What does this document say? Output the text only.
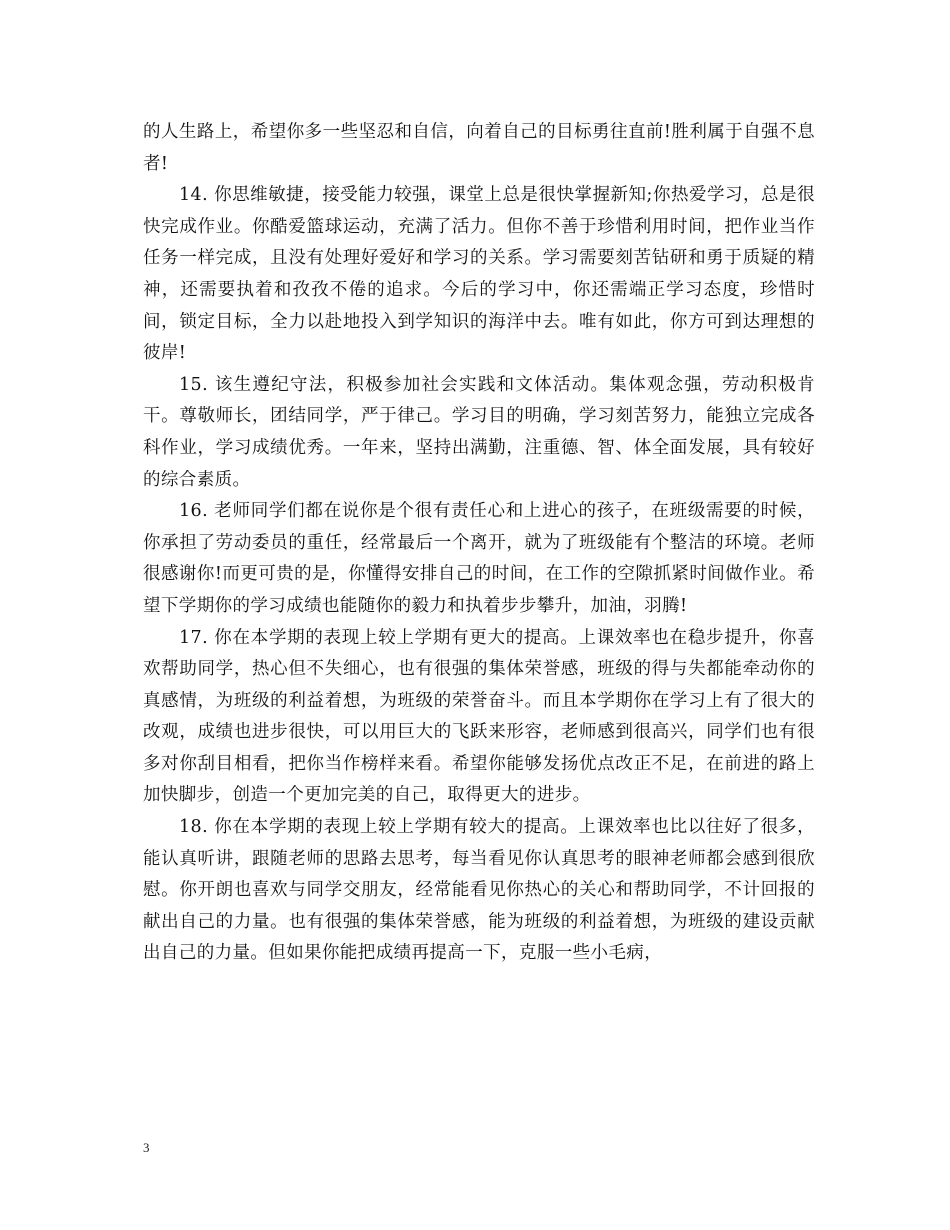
的人生路上，希望你多一些坚忍和自信，向着自己的目标勇往直前!胜利属于自强不息者!

14. 你思维敏捷，接受能力较强，课堂上总是很快掌握新知;你热爱学习，总是很快完成作业。你酷爱篮球运动，充满了活力。但你不善于珍惜利用时间，把作业当作任务一样完成，且没有处理好爱好和学习的关系。学习需要刻苦钻研和勇于质疑的精神，还需要执着和孜孜不倦的追求。今后的学习中，你还需端正学习态度，珍惜时间，锁定目标，全力以赴地投入到学知识的海洋中去。唯有如此，你方可到达理想的彼岸!

15. 该生遵纪守法，积极参加社会实践和文体活动。集体观念强，劳动积极肯干。尊敬师长，团结同学，严于律己。学习目的明确，学习刻苦努力，能独立完成各科作业，学习成绩优秀。一年来，坚持出满勤，注重德、智、体全面发展，具有较好的综合素质。

16. 老师同学们都在说你是个很有责任心和上进心的孩子，在班级需要的时候，你承担了劳动委员的重任，经常最后一个离开，就为了班级能有个整洁的环境。老师很感谢你!而更可贵的是，你懂得安排自己的时间，在工作的空隙抓紧时间做作业。希望下学期你的学习成绩也能随你的毅力和执着步步攀升，加油，羽腾!

17. 你在本学期的表现上较上学期有更大的提高。上课效率也在稳步提升，你喜欢帮助同学，热心但不失细心，也有很强的集体荣誉感，班级的得与失都能牵动你的真感情，为班级的利益着想，为班级的荣誉奋斗。而且本学期你在学习上有了很大的改观，成绩也进步很快，可以用巨大的飞跃来形容，老师感到很高兴，同学们也有很多对你刮目相看，把你当作榜样来看。希望你能够发扬优点改正不足，在前进的路上加快脚步，创造一个更加完美的自己，取得更大的进步。

18. 你在本学期的表现上较上学期有较大的提高。上课效率也比以往好了很多，能认真听讲，跟随老师的思路去思考，每当看见你认真思考的眼神老师都会感到很欣慰。你开朗也喜欢与同学交朋友，经常能看见你热心的关心和帮助同学，不计回报的献出自己的力量。也有很强的集体荣誉感，能为班级的利益着想，为班级的建设贡献出自己的力量。但如果你能把成绩再提高一下，克服一些小毛病，

3
